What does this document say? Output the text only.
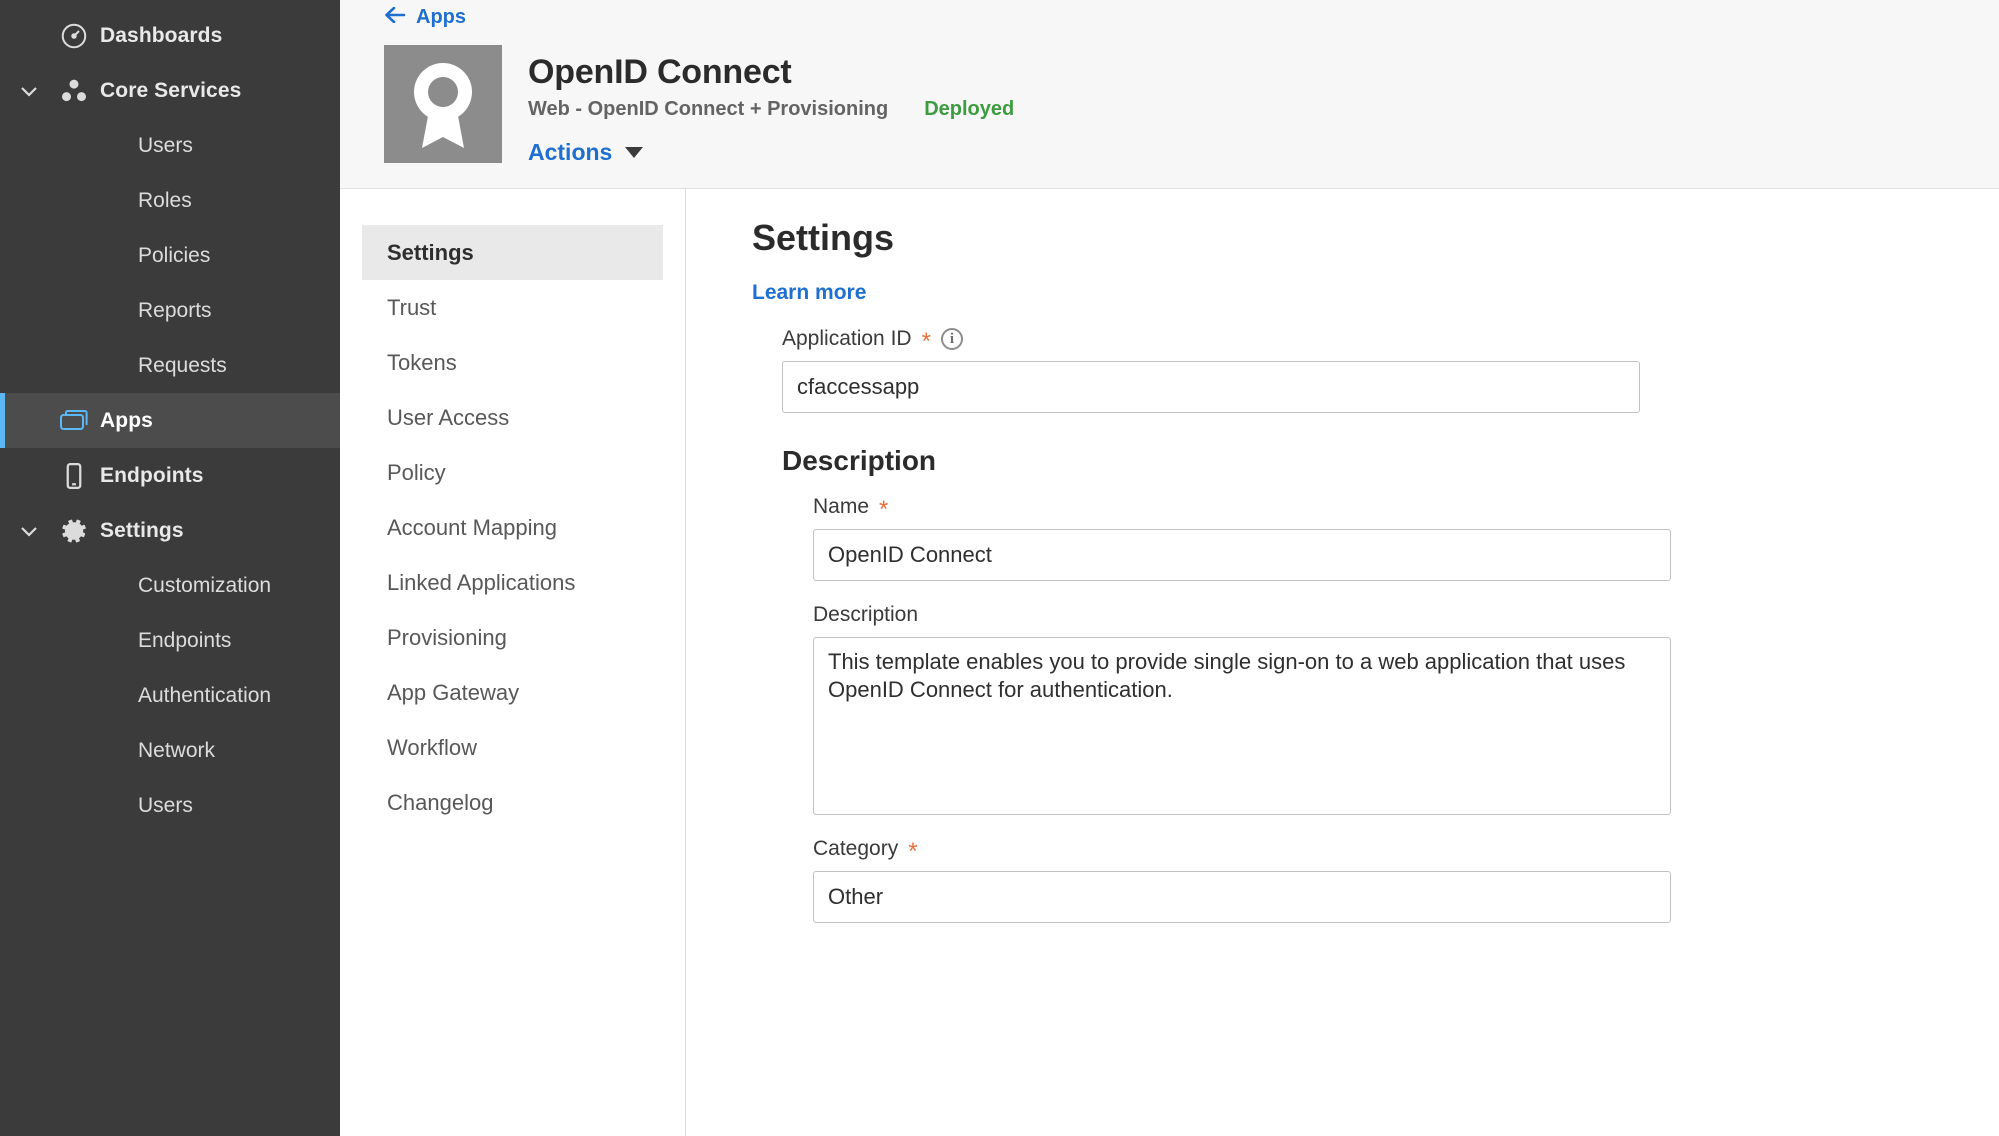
Dashboards
Core Services
Users
Roles
Policies
Reports
Requests
Apps
Endpoints
Settings
Customization
Endpoints
Authentication
Network
Users
Apps
OpenID Connect
Web - OpenID Connect + Provisioning Deployed
Actions
Settings
Trust
Tokens
User Access
Policy
Account Mapping
Linked Applications
Provisioning
App Gateway
Workflow
Changelog
Settings
Learn more
Application ID *	i
cfaccessapp
Description
Name *
OpenID Connect
Description
This template enables you to provide single sign-on to a web application that uses OpenID Connect for authentication.
Category *
Other
